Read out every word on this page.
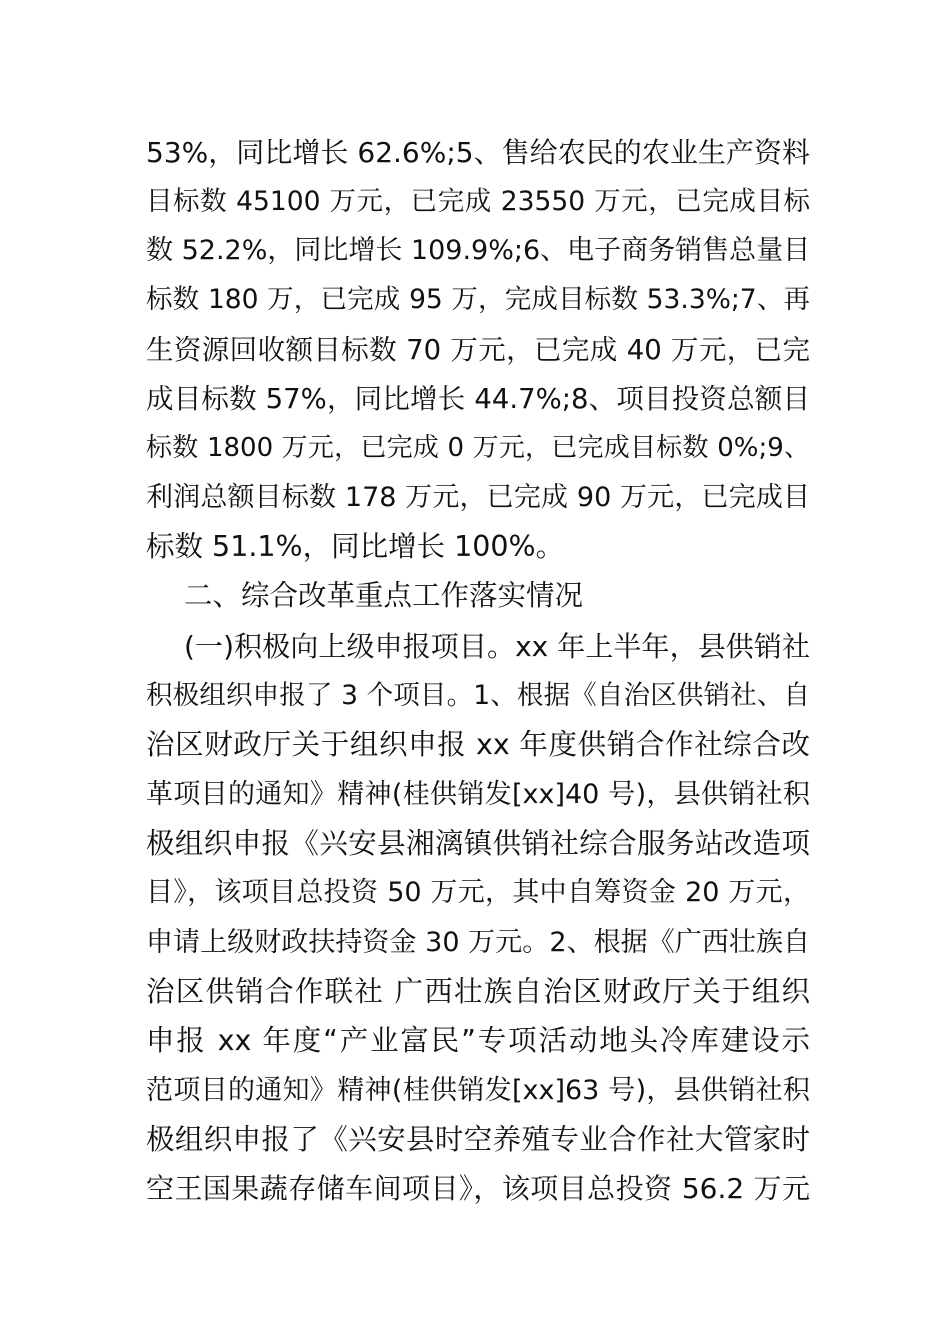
53%，同比增长 62.6%;5、售给农民的农业生产资料
目标数 45100 万元，已完成 23550 万元，已完成目标
数 52.2%，同比增长 109.9%;6、电子商务销售总量目
标数 180 万，已完成 95 万，完成目标数 53.3%;7、再
生资源回收额目标数 70 万元，已完成 40 万元，已完
成目标数 57%，同比增长 44.7%;8、项目投资总额目
标数 1800 万元，已完成 0 万元，已完成目标数 0%;9、
利润总额目标数 178 万元，已完成 90 万元，已完成目
标数 51.1%，同比增长 100%。
二、综合改革重点工作落实情况
(一)积极向上级申报项目。xx 年上半年，县供销社
积极组织申报了 3 个项目。1、根据《自治区供销社、自
治区财政厅关于组织申报 xx 年度供销合作社综合改
革项目的通知》精神(桂供销发[xx]40 号)，县供销社积
极组织申报《兴安县湘漓镇供销社综合服务站改造项
目》，该项目总投资 50 万元，其中自筹资金 20 万元，
申请上级财政扶持资金 30 万元。2、根据《广西壮族自
治区供销合作联社 广西壮族自治区财政厅关于组织
申报 xx 年度“产业富民”专项活动地头冷库建设示
范项目的通知》精神(桂供销发[xx]63 号)，县供销社积
极组织申报了《兴安县时空养殖专业合作社大管家时
空王国果蔬存储车间项目》，该项目总投资 56.2 万元
